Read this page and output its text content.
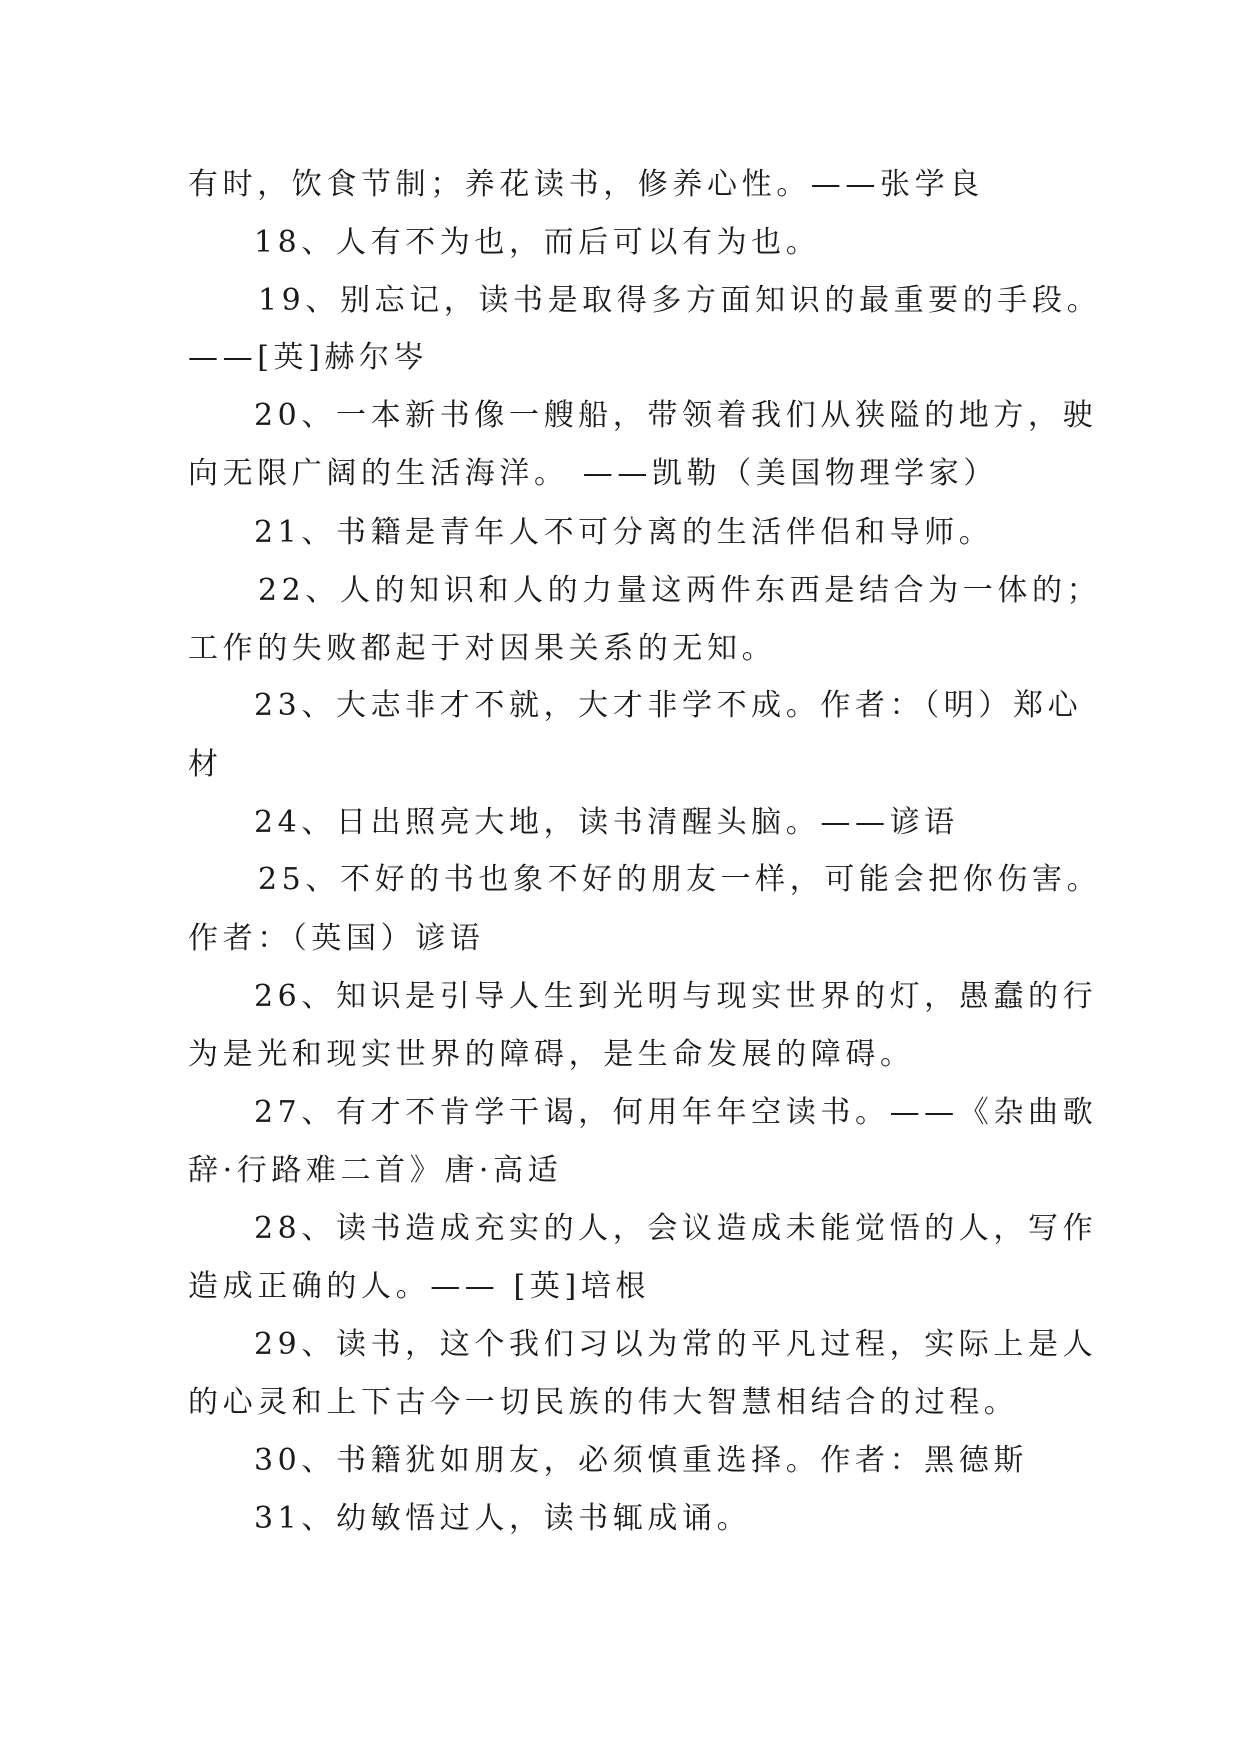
有时，饮食节制；养花读书，修养心性。——张学良
18、人有不为也，而后可以有为也。
19、别忘记，读书是取得多方面知识的最重要的手段。
——[英]赫尔岑
20、一本新书像一艘船，带领着我们从狭隘的地方，驶
向无限广阔的生活海洋。 ——凯勒（美国物理学家）
21、书籍是青年人不可分离的生活伴侣和导师。
22、人的知识和人的力量这两件东西是结合为一体的；
工作的失败都起于对因果关系的无知。
23、大志非才不就，大才非学不成。作者：（明）郑心
材
24、日出照亮大地，读书清醒头脑。——谚语
25、不好的书也象不好的朋友一样，可能会把你伤害。
作者：（英国）谚语
26、知识是引导人生到光明与现实世界的灯，愚蠢的行
为是光和现实世界的障碍，是生命发展的障碍。
27、有才不肯学干谒，何用年年空读书。——《杂曲歌
辞·行路难二首》唐·高适
28、读书造成充实的人，会议造成未能觉悟的人，写作
造成正确的人。—— [英]培根
29、读书，这个我们习以为常的平凡过程，实际上是人
的心灵和上下古今一切民族的伟大智慧相结合的过程。
30、书籍犹如朋友，必须慎重选择。作者：黑德斯
31、幼敏悟过人，读书辄成诵。
